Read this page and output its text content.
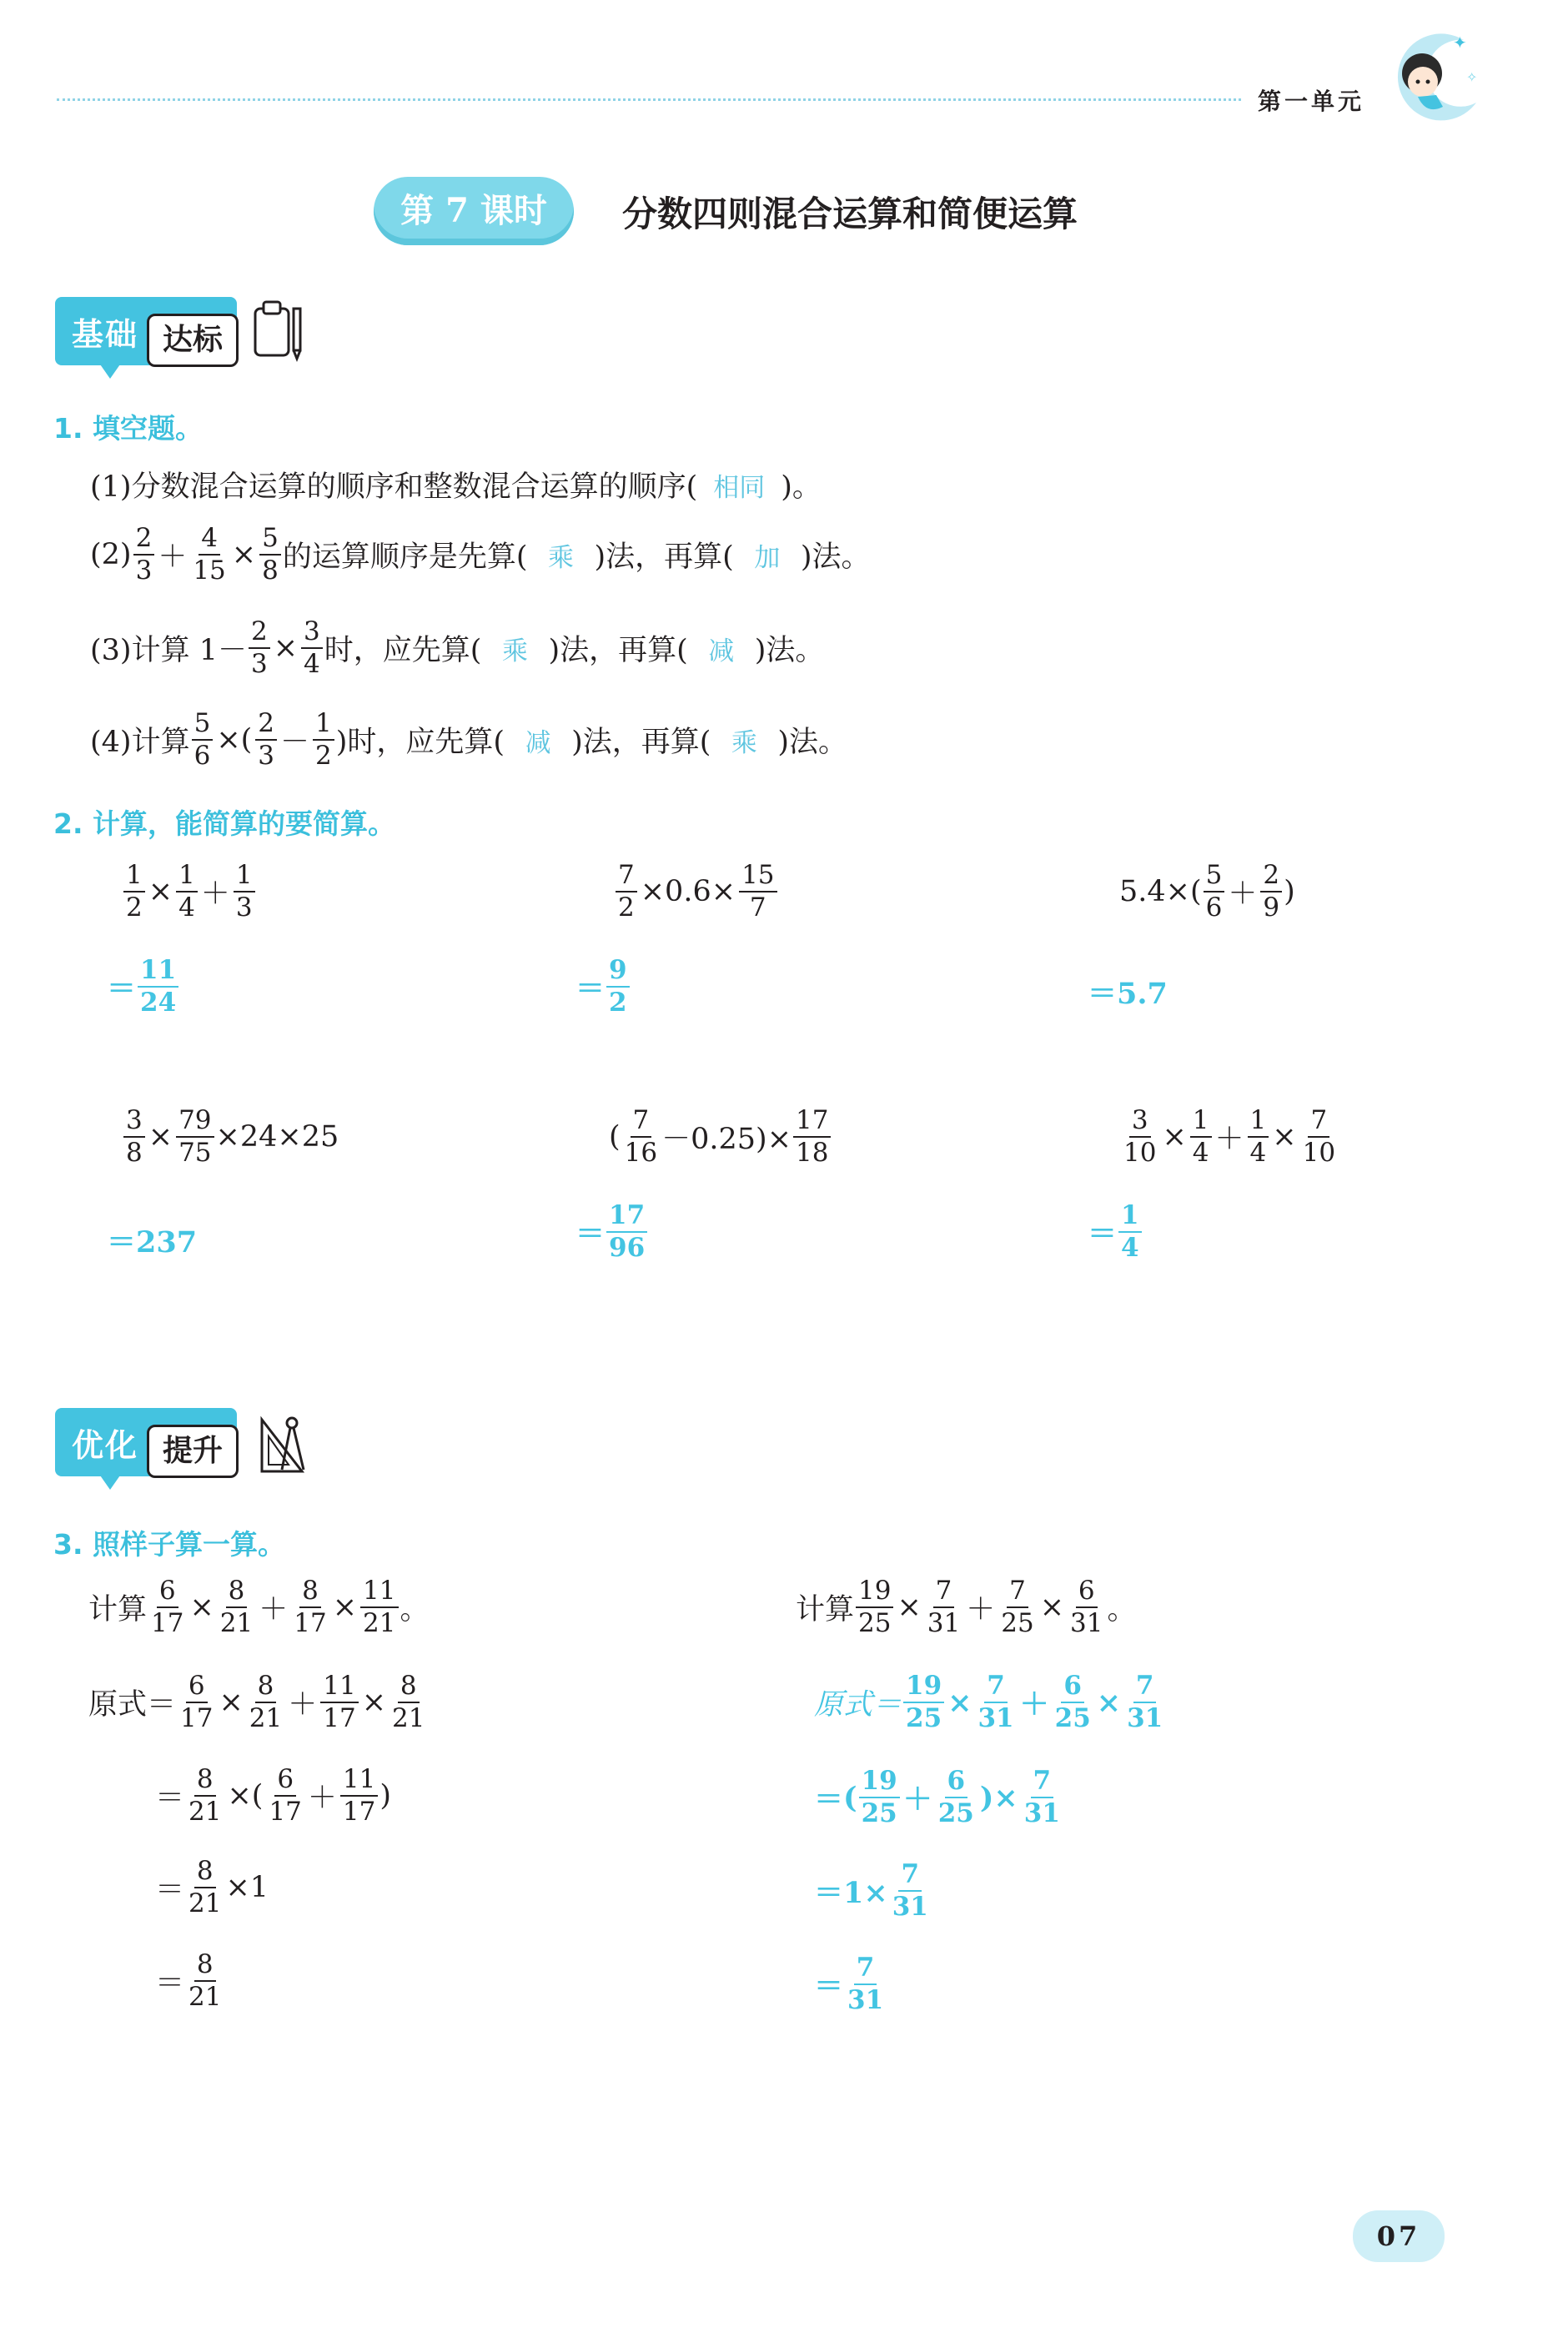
第一单元
✦
✧
第 7 课时	分数四则混合运算和简便运算
基础 达标
1. 填空题。
(1)分数混合运算的顺序和整数混合运算的顺序( 相同 )。
$(2) \frac{2}{3} + \frac{4}{15} \times \frac{5}{8}$ 的运算顺序是先算( 乘 )法，再算( 加 )法。
(3)计算 $1- \frac{2}{3} \times \frac{3}{4}$ 时，应先算( 乘 )法，再算( 减 )法。
(4)计算 $\frac{5}{6}$ ×( $\frac{2}{3} - \frac{1}{2}$ )时，应先算( 减 )法，再算( 乘 )法。
2. 计算，能简算的要简算。
$\frac{1}{2} \times \frac{1}{4} + \frac{1}{3}$
＝ $\frac{11}{24}$
$\frac{7}{2} \times 0.6\times \frac{15}{7}$
＝ $\frac{9}{2}$
$5.4\times( \frac{5}{6} + \frac{2}{9}$ )
＝5.7
$\frac{3}{8} \times \frac{79}{75} \times 24\times 25$
＝237
( $\frac{7}{16} -0.25)\times \frac{17}{18}$
＝ $\frac{17}{96}$
$\frac{3}{10} \times \frac{1}{4} + \frac{1}{4} \times \frac{7}{10}$
＝ $\frac{1}{4}$
优化 提升
3. 照样子算一算。
计算 $\frac{6}{17} \times \frac{8}{21} + \frac{8}{17} \times \frac{11}{21}$ 。
原式＝ $\frac{6}{17} \times \frac{8}{21} + \frac{11}{17} \times \frac{8}{21}$
＝ $\frac{8}{21}$ ×( $\frac{6}{17} + \frac{11}{17}$ )
＝ $\frac{8}{21} \times 1$
＝ $\frac{8}{21}$
计算 $\frac{19}{25} \times \frac{7}{31} + \frac{7}{25} \times \frac{6}{31}$ 。
原式＝ $\frac{19}{25} \times \frac{7}{31} + \frac{6}{25} \times \frac{7}{31}$
＝ ( $\frac{19}{25} + \frac{6}{25}$ )× $\frac{7}{31}$
$=1\times \frac{7}{31}$
＝ $\frac{7}{31}$
07
